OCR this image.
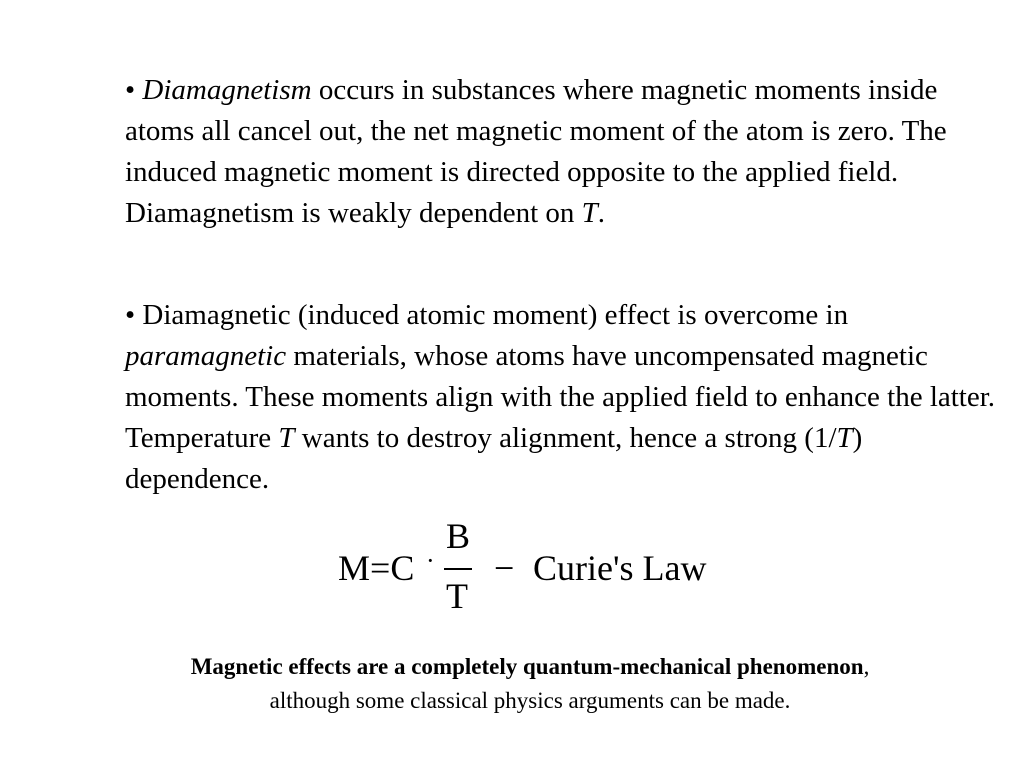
• Diamagnetism occurs in substances where magnetic moments inside atoms all cancel out, the net magnetic moment of the atom is zero. The induced magnetic moment is directed opposite to the applied field. Diamagnetism is weakly dependent on T.

• Diamagnetic (induced atomic moment) effect is overcome in paramagnetic materials, whose atoms have uncompensated magnetic moments. These moments align with the applied field to enhance the latter. Temperature T wants to destroy alignment, hence a strong (1/T) dependence.

M=C ·
B
T
− Curie's Law
Magnetic effects are a completely quantum-mechanical phenomenon,
although some classical physics arguments can be made.
